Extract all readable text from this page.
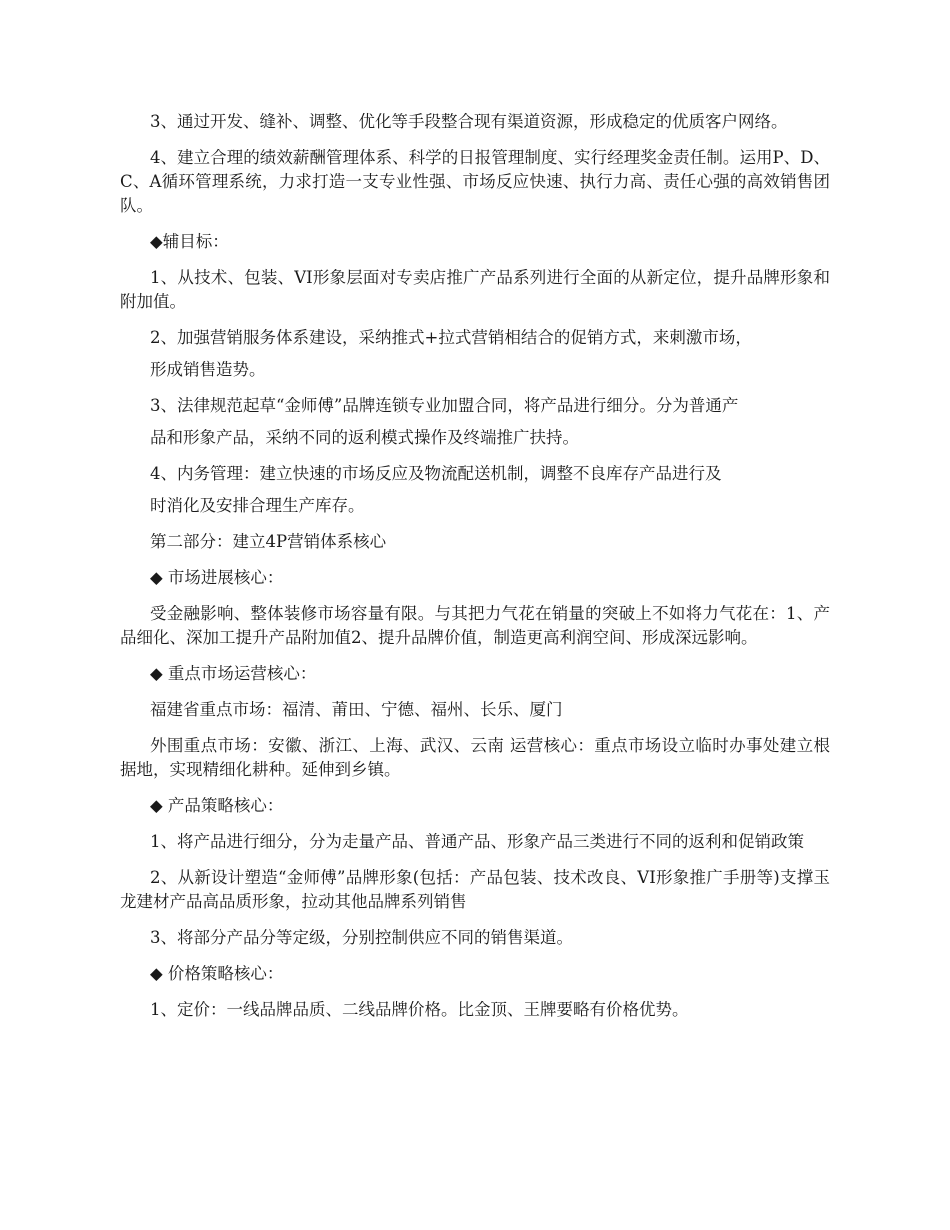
3、通过开发、缝补、调整、优化等手段整合现有渠道资源，形成稳定的优质客户网络。

4、建立合理的绩效薪酬管理体系、科学的日报管理制度、实行经理奖金责任制。运用P、D、C、A循环管理系统，力求打造一支专业性强、市场反应快速、执行力高、责任心强的高效销售团队。

◆辅目标：

1、从技术、包装、VI形象层面对专卖店推广产品系列进行全面的从新定位，提升品牌形象和附加值。

2、加强营销服务体系建设，采纳推式+拉式营销相结合的促销方式，来刺激市场，

形成销售造势。

3、法律规范起草“金师傅”品牌连锁专业加盟合同，将产品进行细分。分为普通产

品和形象产品，采纳不同的返利模式操作及终端推广扶持。

4、内务管理：建立快速的市场反应及物流配送机制，调整不良库存产品进行及

时消化及安排合理生产库存。

第二部分：建立4P营销体系核心

◆ 市场进展核心：

受金融影响、整体装修市场容量有限。与其把力气花在销量的突破上不如将力气花在：1、产品细化、深加工提升产品附加值2、提升品牌价值，制造更高利润空间、形成深远影响。

◆ 重点市场运营核心：

福建省重点市场：福清、莆田、宁德、福州、长乐、厦门

外围重点市场：安徽、浙江、上海、武汉、云南 运营核心：重点市场设立临时办事处建立根据地，实现精细化耕种。延伸到乡镇。

◆ 产品策略核心：

1、将产品进行细分，分为走量产品、普通产品、形象产品三类进行不同的返利和促销政策

2、从新设计塑造“金师傅”品牌形象(包括：产品包装、技术改良、VI形象推广手册等)支撑玉龙建材产品高品质形象，拉动其他品牌系列销售

3、将部分产品分等定级，分别控制供应不同的销售渠道。

◆ 价格策略核心：

1、定价：一线品牌品质、二线品牌价格。比金顶、王牌要略有价格优势。
